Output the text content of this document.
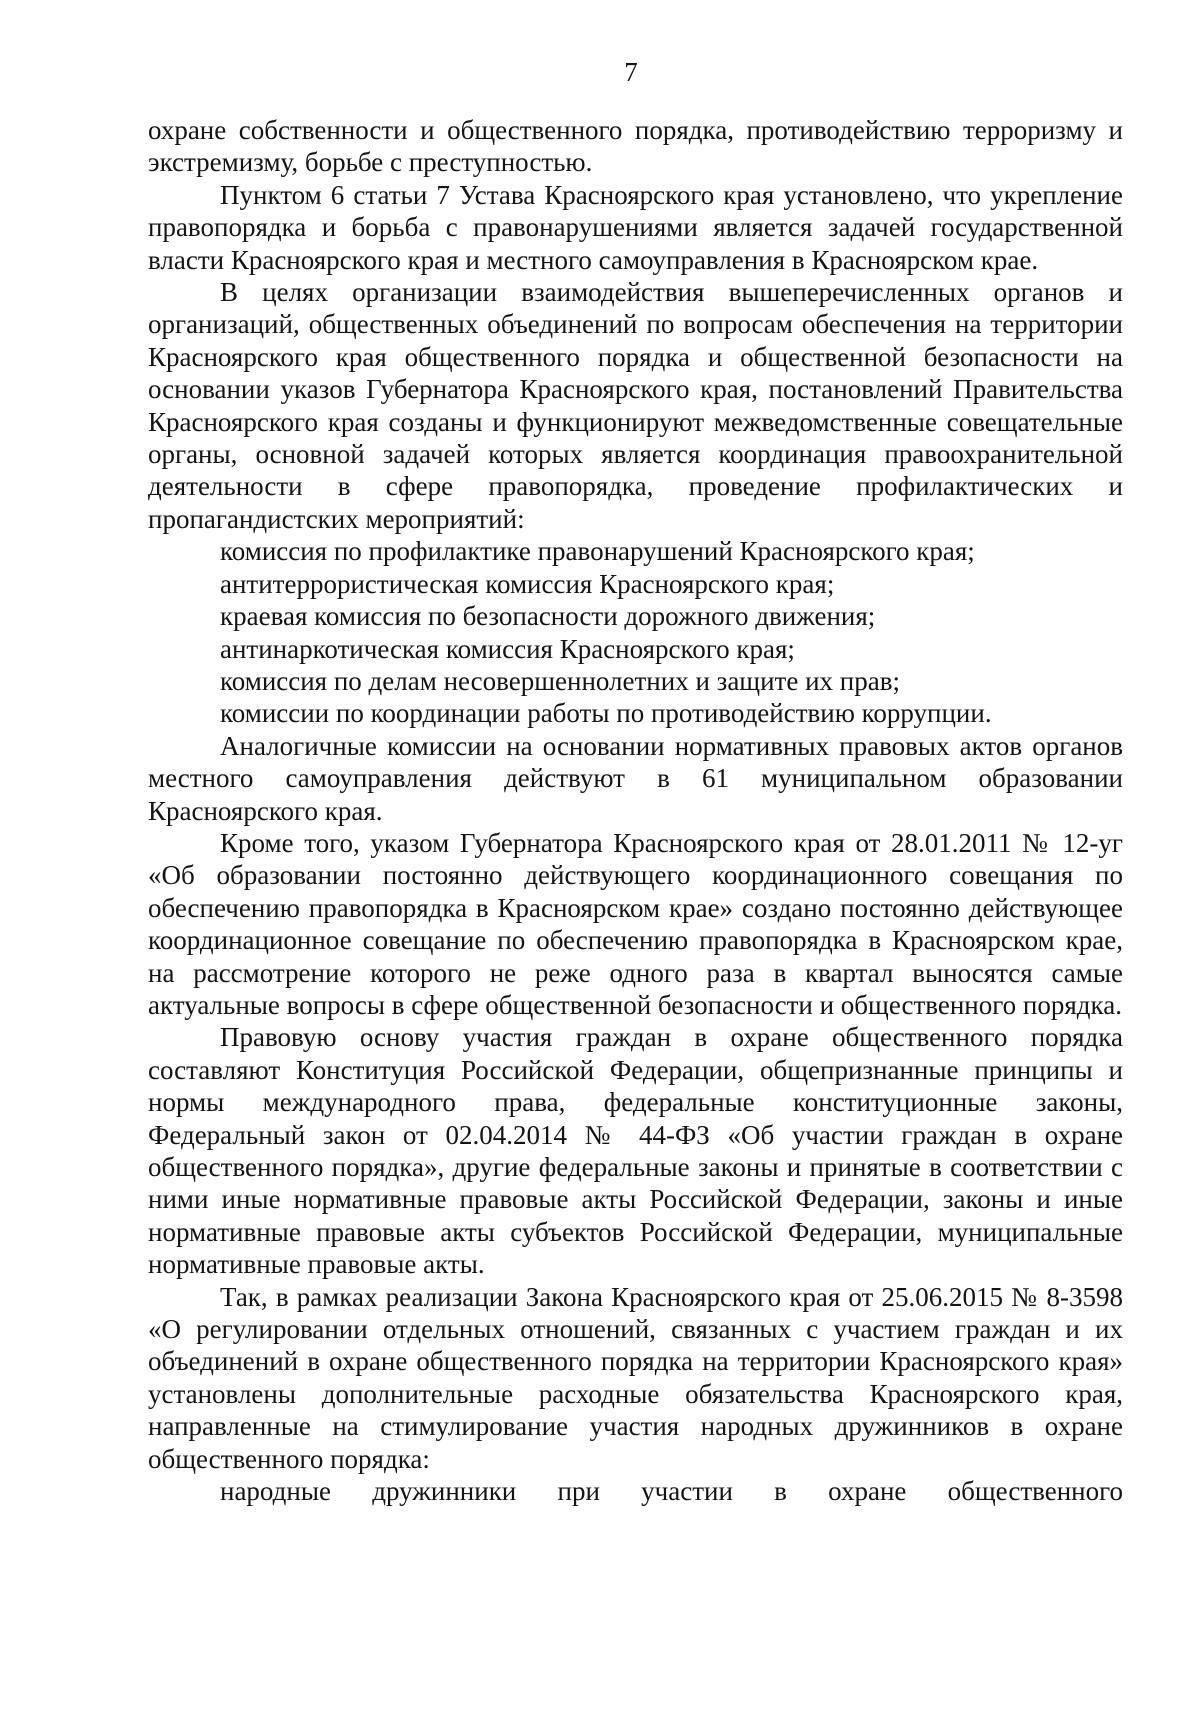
7

охране собственности и общественного порядка, противодействию терроризму и экстремизму, борьбе с преступностью.

Пунктом 6 статьи 7 Устава Красноярского края установлено, что укрепление правопорядка и борьба с правонарушениями является задачей государственной власти Красноярского края и местного самоуправления в Красноярском крае.

В целях организации взаимодействия вышеперечисленных органов и организаций, общественных объединений по вопросам обеспечения на территории Красноярского края общественного порядка и общественной безопасности на основании указов Губернатора Красноярского края, постановлений Правительства Красноярского края созданы и функционируют межведомственные совещательные органы, основной задачей которых является координация правоохранительной деятельности в сфере правопорядка, проведение профилактических и пропагандистских мероприятий:

комиссия по профилактике правонарушений Красноярского края;

антитеррористическая комиссия Красноярского края;

краевая комиссия по безопасности дорожного движения;

антинаркотическая комиссия Красноярского края;

комиссия по делам несовершеннолетних и защите их прав;

комиссии по координации работы по противодействию коррупции.

Аналогичные комиссии на основании нормативных правовых актов органов местного самоуправления действуют в 61 муниципальном образовании Красноярского края.

Кроме того, указом Губернатора Красноярского края от 28.01.2011 № 12-уг «Об образовании постоянно действующего координационного совещания по обеспечению правопорядка в Красноярском крае» создано постоянно действующее координационное совещание по обеспечению правопорядка в Красноярском крае, на рассмотрение которого не реже одного раза в квартал выносятся самые актуальные вопросы в сфере общественной безопасности и общественного порядка.

Правовую основу участия граждан в охране общественного порядка составляют Конституция Российской Федерации, общепризнанные принципы и нормы международного права, федеральные конституционные законы, Федеральный закон от 02.04.2014 № 44-ФЗ «Об участии граждан в охране общественного порядка», другие федеральные законы и принятые в соответствии с ними иные нормативные правовые акты Российской Федерации, законы и иные нормативные правовые акты субъектов Российской Федерации, муниципальные нормативные правовые акты.

Так, в рамках реализации Закона Красноярского края от 25.06.2015 № 8-3598 «О регулировании отдельных отношений, связанных с участием граждан и их объединений в охране общественного порядка на территории Красноярского края» установлены дополнительные расходные обязательства Красноярского края, направленные на стимулирование участия народных дружинников в охране общественного порядка:

народные дружинники при участии в охране общественного
